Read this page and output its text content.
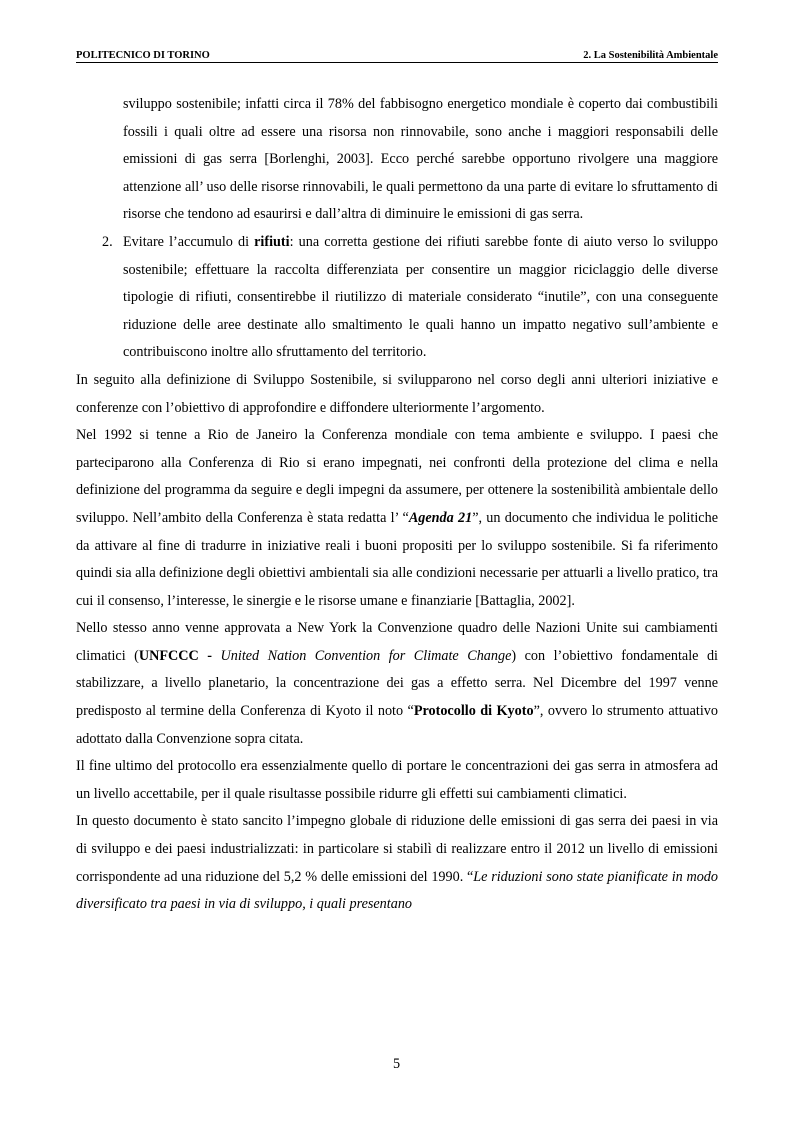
POLITECNICO DI TORINO	2. La Sostenibilità Ambientale

sviluppo sostenibile; infatti circa il 78% del fabbisogno energetico mondiale è coperto dai combustibili fossili i quali oltre ad essere una risorsa non rinnovabile, sono anche i maggiori responsabili delle emissioni di gas serra [Borlenghi, 2003]. Ecco perché sarebbe opportuno rivolgere una maggiore attenzione all’ uso delle risorse rinnovabili, le quali permettono da una parte di evitare lo sfruttamento di risorse che tendono ad esaurirsi e dall’altra di diminuire le emissioni di gas serra.

2. Evitare l’accumulo di rifiuti: una corretta gestione dei rifiuti sarebbe fonte di aiuto verso lo sviluppo sostenibile; effettuare la raccolta differenziata per consentire un maggior riciclaggio delle diverse tipologie di rifiuti, consentirebbe il riutilizzo di materiale considerato “inutile”, con una conseguente riduzione delle aree destinate allo smaltimento le quali hanno un impatto negativo sull’ambiente e contribuiscono inoltre allo sfruttamento del territorio.

In seguito alla definizione di Sviluppo Sostenibile, si svilupparono nel corso degli anni ulteriori iniziative e conferenze con l’obiettivo di approfondire e diffondere ulteriormente l’argomento.

Nel 1992 si tenne a Rio de Janeiro la Conferenza mondiale con tema ambiente e sviluppo. I paesi che parteciparono alla Conferenza di Rio si erano impegnati, nei confronti della protezione del clima e nella definizione del programma da seguire e degli impegni da assumere, per ottenere la sostenibilità ambientale dello sviluppo. Nell’ambito della Conferenza è stata redatta l’ “Agenda 21”, un documento che individua le politiche da attivare al fine di tradurre in iniziative reali i buoni propositi per lo sviluppo sostenibile. Si fa riferimento quindi sia alla definizione degli obiettivi ambientali sia alle condizioni necessarie per attuarli a livello pratico, tra cui il consenso, l’interesse, le sinergie e le risorse umane e finanziarie [Battaglia, 2002].

Nello stesso anno venne approvata a New York la Convenzione quadro delle Nazioni Unite sui cambiamenti climatici (UNFCCC - United Nation Convention for Climate Change) con l’obiettivo fondamentale di stabilizzare, a livello planetario, la concentrazione dei gas a effetto serra. Nel Dicembre del 1997 venne predisposto al termine della Conferenza di Kyoto il noto “Protocollo di Kyoto”, ovvero lo strumento attuativo adottato dalla Convenzione sopra citata.

Il fine ultimo del protocollo era essenzialmente quello di portare le concentrazioni dei gas serra in atmosfera ad un livello accettabile, per il quale risultasse possibile ridurre gli effetti sui cambiamenti climatici.

In questo documento è stato sancito l’impegno globale di riduzione delle emissioni di gas serra dei paesi in via di sviluppo e dei paesi industrializzati: in particolare si stabilì di realizzare entro il 2012 un livello di emissioni corrispondente ad una riduzione del 5,2 % delle emissioni del 1990. “Le riduzioni sono state pianificate in modo diversificato tra paesi in via di sviluppo, i quali presentano

5
